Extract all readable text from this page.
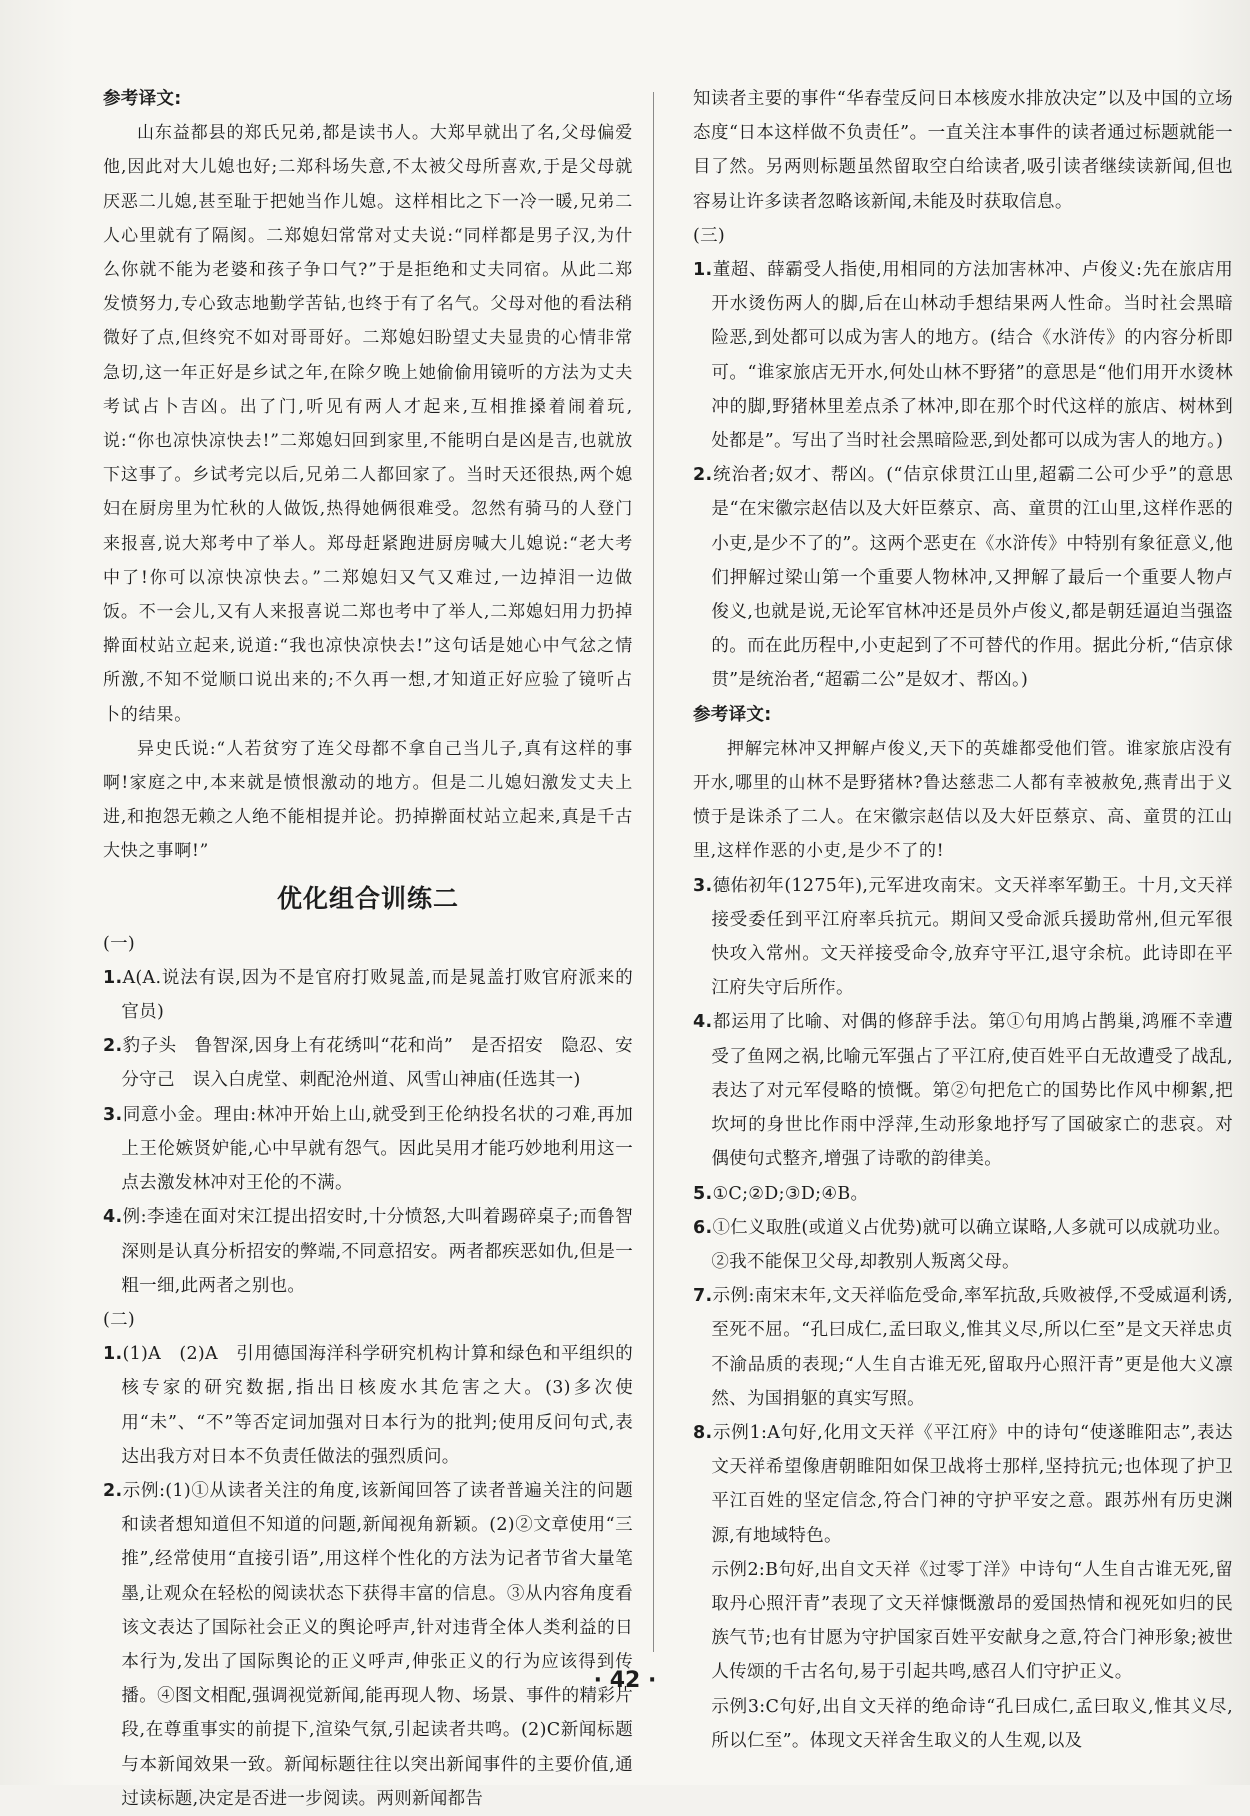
参考译文:

山东益都县的郑氏兄弟,都是读书人。大郑早就出了名,父母偏爱他,因此对大儿媳也好;二郑科场失意,不太被父母所喜欢,于是父母就厌恶二儿媳,甚至耻于把她当作儿媳。这样相比之下一冷一暖,兄弟二人心里就有了隔阂。二郑媳妇常常对丈夫说:“同样都是男子汉,为什么你就不能为老婆和孩子争口气?”于是拒绝和丈夫同宿。从此二郑发愤努力,专心致志地勤学苦钻,也终于有了名气。父母对他的看法稍微好了点,但终究不如对哥哥好。二郑媳妇盼望丈夫显贵的心情非常急切,这一年正好是乡试之年,在除夕晚上她偷偷用镜听的方法为丈夫考试占卜吉凶。出了门,听见有两人才起来,互相推搡着闹着玩,说:“你也凉快凉快去!”二郑媳妇回到家里,不能明白是凶是吉,也就放下这事了。乡试考完以后,兄弟二人都回家了。当时天还很热,两个媳妇在厨房里为忙秋的人做饭,热得她俩很难受。忽然有骑马的人登门来报喜,说大郑考中了举人。郑母赶紧跑进厨房喊大儿媳说:“老大考中了!你可以凉快凉快去。”二郑媳妇又气又难过,一边掉泪一边做饭。不一会儿,又有人来报喜说二郑也考中了举人,二郑媳妇用力扔掉擀面杖站立起来,说道:“我也凉快凉快去!”这句话是她心中气忿之情所激,不知不觉顺口说出来的;不久再一想,才知道正好应验了镜听占卜的结果。

异史氏说:“人若贫穷了连父母都不拿自己当儿子,真有这样的事啊!家庭之中,本来就是愤恨激动的地方。但是二儿媳妇激发丈夫上进,和抱怨无赖之人绝不能相提并论。扔掉擀面杖站立起来,真是千古大快之事啊!”

优化组合训练二

(一)

1.A(A.说法有误,因为不是官府打败晁盖,而是晁盖打败官府派来的官员)

2.豹子头　鲁智深,因身上有花绣叫“花和尚”　是否招安　隐忍、安分守己　误入白虎堂、刺配沧州道、风雪山神庙(任选其一)

3.同意小金。理由:林冲开始上山,就受到王伦纳投名状的刁难,再加上王伦嫉贤妒能,心中早就有怨气。因此吴用才能巧妙地利用这一点去激发林冲对王伦的不满。

4.例:李逵在面对宋江提出招安时,十分愤怒,大叫着踢碎桌子;而鲁智深则是认真分析招安的弊端,不同意招安。两者都疾恶如仇,但是一粗一细,此两者之别也。

(二)

1.(1)A　(2)A　引用德国海洋科学研究机构计算和绿色和平组织的核专家的研究数据,指出日核废水其危害之大。(3)多次使用“未”、“不”等否定词加强对日本行为的批判;使用反问句式,表达出我方对日本不负责任做法的强烈质问。

2.示例:(1)①从读者关注的角度,该新闻回答了读者普遍关注的问题和读者想知道但不知道的问题,新闻视角新颖。(2)②文章使用“三推”,经常使用“直接引语”,用这样个性化的方法为记者节省大量笔墨,让观众在轻松的阅读状态下获得丰富的信息。③从内容角度看该文表达了国际社会正义的舆论呼声,针对违背全体人类利益的日本行为,发出了国际舆论的正义呼声,伸张正义的行为应该得到传播。④图文相配,强调视觉新闻,能再现人物、场景、事件的精彩片段,在尊重事实的前提下,渲染气氛,引起读者共鸣。(2)C新闻标题与本新闻效果一致。新闻标题往往以突出新闻事件的主要价值,通过读标题,决定是否进一步阅读。两则新闻都告

知读者主要的事件“华春莹反问日本核废水排放决定”以及中国的立场态度“日本这样做不负责任”。一直关注本事件的读者通过标题就能一目了然。另两则标题虽然留取空白给读者,吸引读者继续读新闻,但也容易让许多读者忽略该新闻,未能及时获取信息。

(三)

1.董超、薛霸受人指使,用相同的方法加害林冲、卢俊义:先在旅店用开水烫伤两人的脚,后在山林动手想结果两人性命。当时社会黑暗险恶,到处都可以成为害人的地方。(结合《水浒传》的内容分析即可。“谁家旅店无开水,何处山林不野猪”的意思是“他们用开水烫林冲的脚,野猪林里差点杀了林冲,即在那个时代这样的旅店、树林到处都是”。写出了当时社会黑暗险恶,到处都可以成为害人的地方。)

2.统治者;奴才、帮凶。(“佶京俅贯江山里,超霸二公可少乎”的意思是“在宋徽宗赵佶以及大奸臣蔡京、高、童贯的江山里,这样作恶的小吏,是少不了的”。这两个恶吏在《水浒传》中特别有象征意义,他们押解过梁山第一个重要人物林冲,又押解了最后一个重要人物卢俊义,也就是说,无论军官林冲还是员外卢俊义,都是朝廷逼迫当强盗的。而在此历程中,小吏起到了不可替代的作用。据此分析,“佶京俅贯”是统治者,“超霸二公”是奴才、帮凶。)

参考译文:

押解完林冲又押解卢俊义,天下的英雄都受他们管。谁家旅店没有开水,哪里的山林不是野猪林?鲁达慈悲二人都有幸被赦免,燕青出于义愤于是诛杀了二人。在宋徽宗赵佶以及大奸臣蔡京、高、童贯的江山里,这样作恶的小吏,是少不了的!

3.德佑初年(1275年),元军进攻南宋。文天祥率军勤王。十月,文天祥接受委任到平江府率兵抗元。期间又受命派兵援助常州,但元军很快攻入常州。文天祥接受命令,放弃守平江,退守余杭。此诗即在平江府失守后所作。

4.都运用了比喻、对偶的修辞手法。第①句用鸠占鹊巢,鸿雁不幸遭受了鱼网之祸,比喻元军强占了平江府,使百姓平白无故遭受了战乱,表达了对元军侵略的愤慨。第②句把危亡的国势比作风中柳絮,把坎坷的身世比作雨中浮萍,生动形象地抒写了国破家亡的悲哀。对偶使句式整齐,增强了诗歌的韵律美。

5.①C;②D;③D;④B。

6.①仁义取胜(或道义占优势)就可以确立谋略,人多就可以成就功业。

②我不能保卫父母,却教别人叛离父母。

7.示例:南宋末年,文天祥临危受命,率军抗敌,兵败被俘,不受威逼利诱,至死不屈。“孔曰成仁,孟曰取义,惟其义尽,所以仁至”是文天祥忠贞不渝品质的表现;“人生自古谁无死,留取丹心照汗青”更是他大义凛然、为国捐躯的真实写照。

8.示例1:A句好,化用文天祥《平江府》中的诗句“使遂睢阳志”,表达文天祥希望像唐朝睢阳如保卫战将士那样,坚持抗元;也体现了护卫平江百姓的坚定信念,符合门神的守护平安之意。跟苏州有历史渊源,有地域特色。

示例2:B句好,出自文天祥《过零丁洋》中诗句“人生自古谁无死,留取丹心照汗青”表现了文天祥慷慨激昂的爱国热情和视死如归的民族气节;也有甘愿为守护国家百姓平安献身之意,符合门神形象;被世人传颂的千古名句,易于引起共鸣,感召人们守护正义。

示例3:C句好,出自文天祥的绝命诗“孔曰成仁,孟曰取义,惟其义尽,所以仁至”。体现文天祥舍生取义的人生观,以及

· 42 ·
